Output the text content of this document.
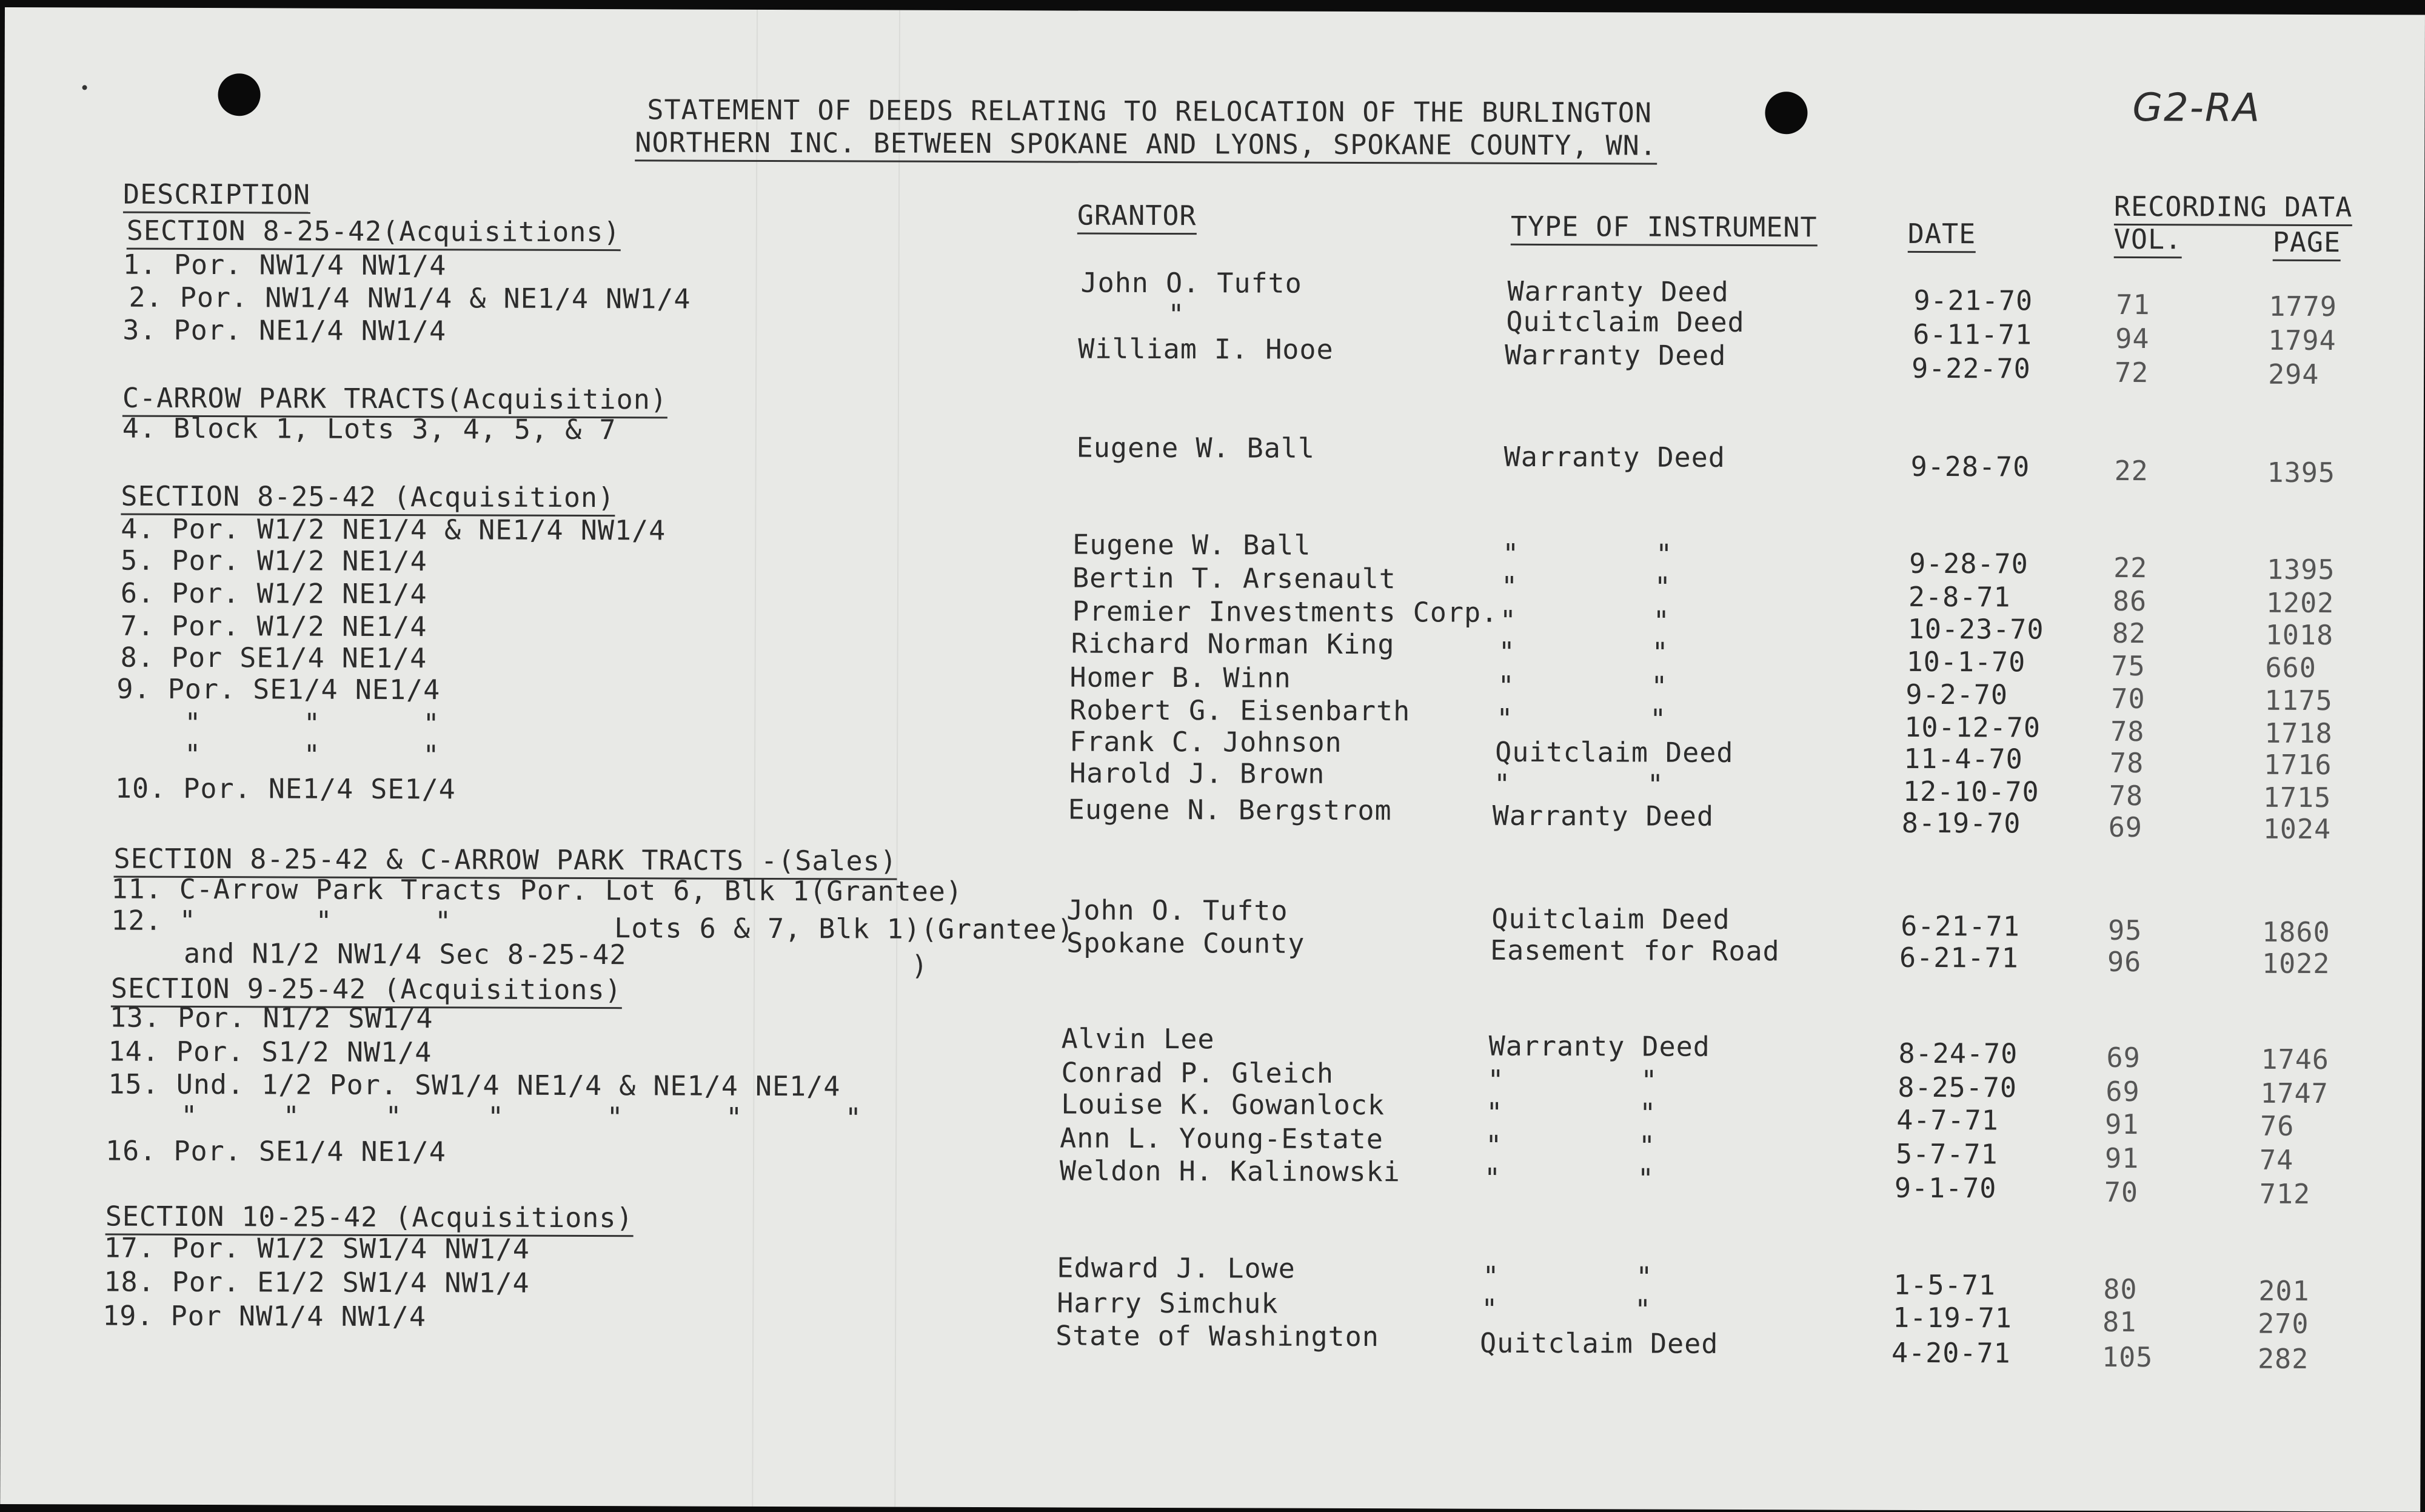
G2-RA
STATEMENT OF DEEDS RELATING TO RELOCATION OF THE BURLINGTON
NORTHERN INC. BETWEEN SPOKANE AND LYONS, SPOKANE COUNTY, WN.
DESCRIPTION
GRANTOR	TYPE OF INSTRUMENT	DATE
RECORDING DATA
VOL.	PAGE
SECTION 8-25-42(Acquisitions)
C-ARROW PARK TRACTS(Acquisition)
SECTION 8-25-42 (Acquisition)
SECTION 8-25-42 & C-ARROW PARK TRACTS -(Sales)
SECTION 9-25-42 (Acquisitions)
SECTION 10-25-42 (Acquisitions)
1. Por. NW1/4 NW1/4
2. Por. NW1/4 NW1/4 & NE1/4 NW1/4
3. Por. NE1/4 NW1/4
4. Block 1, Lots 3, 4, 5, & 7
4. Por. W1/2 NE1/4 & NE1/4 NW1/4
5. Por. W1/2 NE1/4
6. Por. W1/2 NE1/4
7. Por. W1/2 NE1/4
8. Por SE1/4 NE1/4
9. Por. SE1/4 NE1/4
"      "      "
"      "      "
10. Por. NE1/4 SE1/4
11. C-Arrow Park Tracts Por. Lot 6, Blk 1(Grantee)
12. "       "      "	Lots 6 & 7, Blk 1)(Grantee)
and N1/2 NW1/4 Sec 8-25-42	)
13. Por. N1/2 SW1/4
14. Por. S1/2 NW1/4
15. Und. 1/2 Por. SW1/4 NE1/4 & NE1/4 NE1/4
"     "     "     "      "      "      "
16. Por. SE1/4 NE1/4
17. Por. W1/2 SW1/4 NW1/4
18. Por. E1/2 SW1/4 NW1/4
19. Por NW1/4 NW1/4
John O. Tufto	Warranty Deed	9-21-70	71	1779
"	Quitclaim Deed	6-11-71	94	1794
William I. Hooe	Warranty Deed	9-22-70	72	294
Eugene W. Ball	Warranty Deed	9-28-70	22	1395
Eugene W. Ball	"        "	9-28-70	22	1395
Bertin T. Arsenault	"        "	2-8-71	86	1202
Premier Investments Corp. "        "	10-23-70 82	1018
Richard Norman King	"        "	10-1-70	75	660
Homer B. Winn	"        "	9-2-70	70	1175
Robert G. Eisenbarth	"        "	10-12-70	78	1718
Frank C. Johnson	Quitclaim Deed	11-4-70	78	1716
Harold J. Brown	"        "	12-10-70	78	1715
Eugene N. Bergstrom	Warranty Deed	8-19-70	69	1024
John O. Tufto	Quitclaim Deed	6-21-71	95	1860
Spokane County	Easement for Road	6-21-71	96	1022
Alvin Lee	Warranty Deed	8-24-70	69	1746
Conrad P. Gleich	"        "	8-25-70	69	1747
Louise K. Gowanlock	"        "	4-7-71	91	76
Ann L. Young-Estate	"        "	5-7-71	91	74
Weldon H. Kalinowski	"        "	9-1-70	70	712
Edward J. Lowe	"        "	1-5-71	80	201
Harry Simchuk	"        "	1-19-71	81	270
State of Washington	Quitclaim Deed	4-20-71	105	282
